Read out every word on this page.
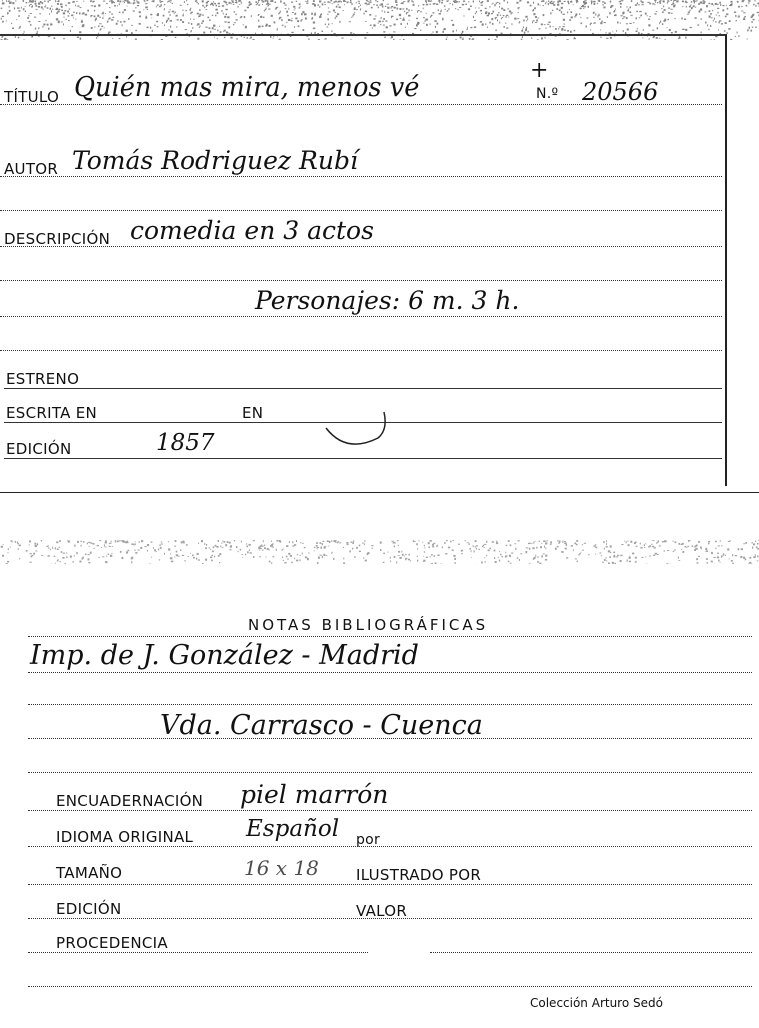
TÍTULO Quién mas mira, menos vé
+
N.º 20566
AUTOR Tomás Rodriguez Rubí
DESCRIPCIÓN comedia en 3 actos
Personajes: 6 m. 3 h.
ESTRENO
ESCRITA EN	EN
EDICIÓN	1857
NOTAS BIBLIOGRÁFICAS
Imp. de J. González - Madrid
Vda. Carrasco - Cuenca
ENCUADERNACIÓN piel marrón
IDIOMA ORIGINAL Español por
TAMAÑO	16 x 18 ILUSTRADO POR
EDICIÓN	VALOR
PROCEDENCIA
Colección Arturo Sedó
